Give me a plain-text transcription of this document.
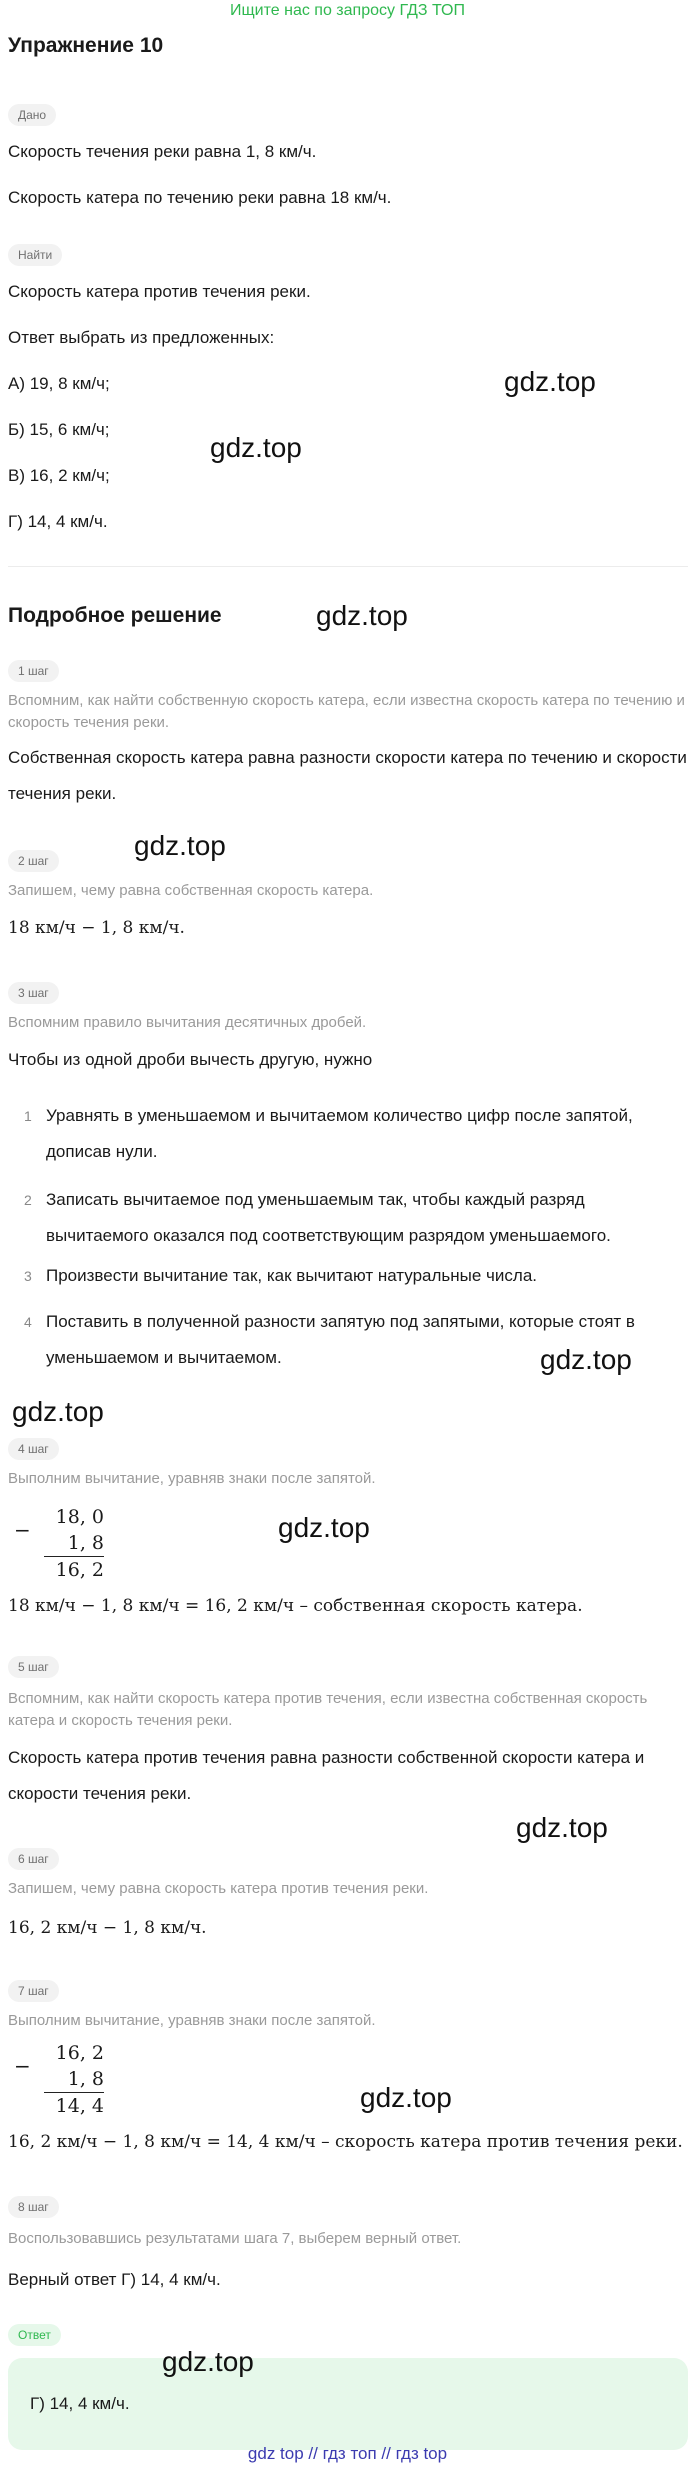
Ищите нас по запросу ГДЗ ТОП
Упражнение 10
Дано
Скорость течения реки равна 1, 8 км/ч.
Скорость катера по течению реки равна 18 км/ч.
Найти
Скорость катера против течения реки.
Ответ выбрать из предложенных:
А) 19, 8 км/ч;
Б) 15, 6 км/ч;
В) 16, 2 км/ч;
Г) 14, 4 км/ч.
Подробное решение
1 шаг
Вспомним, как найти собственную скорость катера, если известна скорость катера по течению и скорость течения реки.
Собственная скорость катера равна разности скорости катера по течению и скорости течения реки.
2 шаг
Запишем, чему равна собственная скорость катера.
18 км/ч − 1, 8 км/ч.
3 шаг
Вспомним правило вычитания десятичных дробей.
Чтобы из одной дроби вычесть другую, нужно
1 Уравнять в уменьшаемом и вычитаемом количество цифр после запятой, дописав нули.
2 Записать вычитаемое под уменьшаемым так, чтобы каждый разряд вычитаемого оказался под соответствующим разрядом уменьшаемого.
3 Произвести вычитание так, как вычитают натуральные числа.
4 Поставить в полученной разности запятую под запятыми, которые стоят в уменьшаемом и вычитаемом.
4 шаг
Выполним вычитание, уравняв знаки после запятой.
−
18, 0
1, 8
16, 2
18 км/ч − 1, 8 км/ч = 16, 2 км/ч – собственная скорость катера.
5 шаг
Вспомним, как найти скорость катера против течения, если известна собственная скорость катера и скорость течения реки.
Скорость катера против течения равна разности собственной скорости катера и скорости течения реки.
6 шаг
Запишем, чему равна скорость катера против течения реки.
16, 2 км/ч − 1, 8 км/ч.
7 шаг
Выполним вычитание, уравняв знаки после запятой.
−
16, 2
1, 8
14, 4
16, 2 км/ч − 1, 8 км/ч = 14, 4 км/ч – скорость катера против течения реки.
8 шаг
Воспользовавшись результатами шага 7, выберем верный ответ.
Верный ответ Г) 14, 4 км/ч.
Ответ
Г) 14, 4 км/ч.
gdz.top
gdz.top
gdz.top
gdz.top
gdz.top
gdz.top
gdz.top
gdz.top
gdz.top
gdz.top
gdz top // гдз топ // гдз top
